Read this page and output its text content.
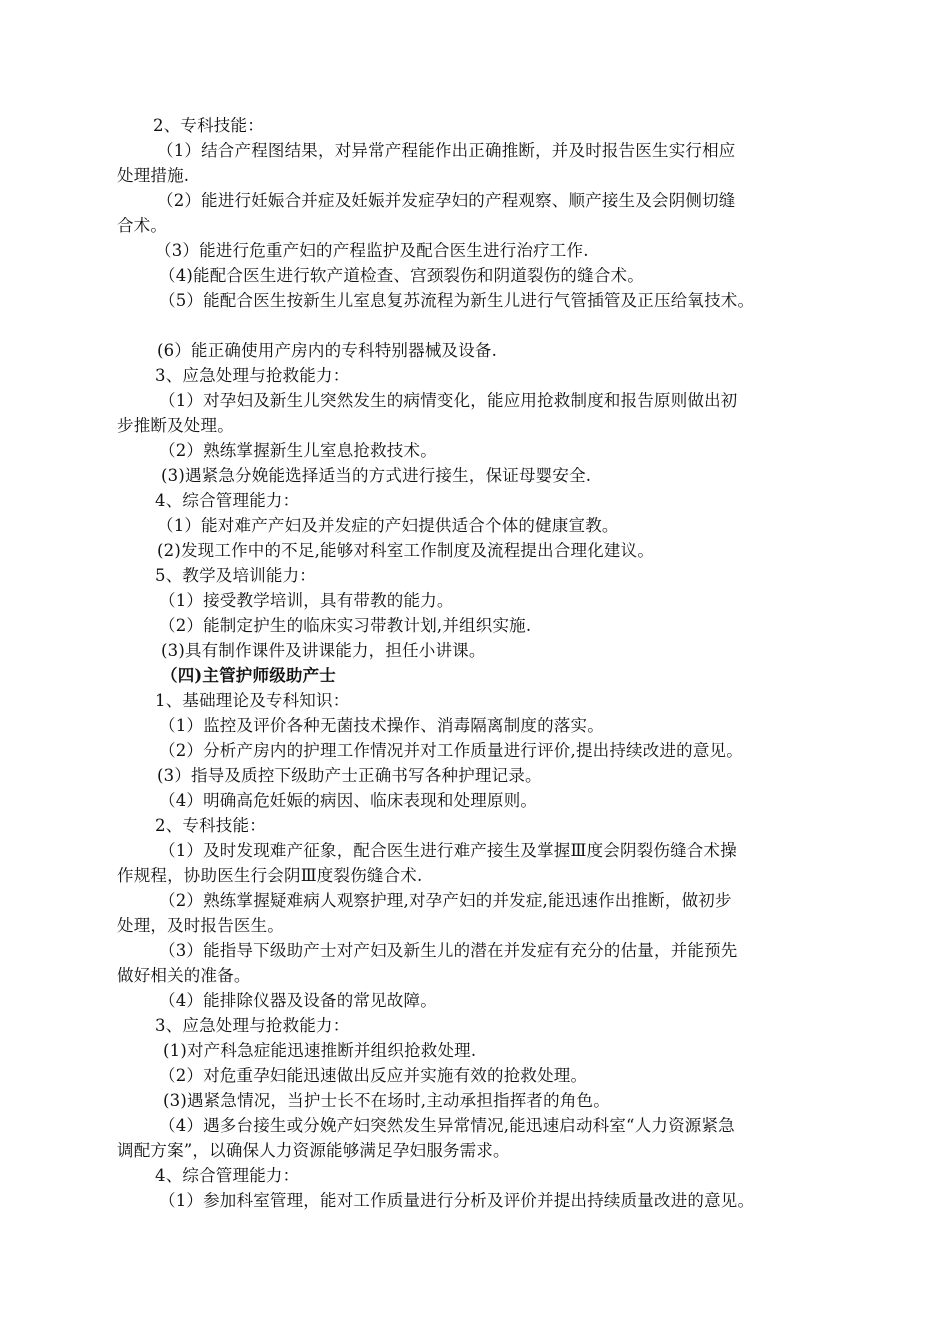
2、专科技能：
（1）结合产程图结果，对异常产程能作出正确推断，并及时报告医生实行相应
处理措施.
（2）能进行妊娠合并症及妊娠并发症孕妇的产程观察、顺产接生及会阴侧切缝
合术。
（3）能进行危重产妇的产程监护及配合医生进行治疗工作.
（4)能配合医生进行软产道检查、宫颈裂伤和阴道裂伤的缝合术。
（5）能配合医生按新生儿室息复苏流程为新生儿进行气管插管及正压给氧技术。
(6）能正确使用产房内的专科特别器械及设备.
3、应急处理与抢救能力：
（1）对孕妇及新生儿突然发生的病情变化，能应用抢救制度和报告原则做出初
步推断及处理。
（2）熟练掌握新生儿室息抢救技术。
(3)遇紧急分娩能选择适当的方式进行接生，保证母婴安全.
4、综合管理能力：
（1）能对难产产妇及并发症的产妇提供适合个体的健康宣教。
(2)发现工作中的不足,能够对科室工作制度及流程提出合理化建议。
5、教学及培训能力：
（1）接受教学培训，具有带教的能力。
（2）能制定护生的临床实习带教计划,并组织实施.
(3)具有制作课件及讲课能力，担任小讲课。
（四)主管护师级助产士
1、基础理论及专科知识：
（1）监控及评价各种无菌技术操作、消毒隔离制度的落实。
（2）分析产房内的护理工作情况并对工作质量进行评价,提出持续改进的意见。
(3）指导及质控下级助产士正确书写各种护理记录。
（4）明确高危妊娠的病因、临床表现和处理原则。
2、专科技能：
（1）及时发现难产征象，配合医生进行难产接生及掌握Ⅲ度会阴裂伤缝合术操
作规程，协助医生行会阴Ⅲ度裂伤缝合术.
（2）熟练掌握疑难病人观察护理,对孕产妇的并发症,能迅速作出推断，做初步
处理，及时报告医生。
（3）能指导下级助产士对产妇及新生儿的潜在并发症有充分的估量，并能预先
做好相关的准备。
（4）能排除仪器及设备的常见故障。
3、应急处理与抢救能力：
(1)对产科急症能迅速推断并组织抢救处理.
（2）对危重孕妇能迅速做出反应并实施有效的抢救处理。
(3)遇紧急情况，当护士长不在场时,主动承担指挥者的角色。
（4）遇多台接生或分娩产妇突然发生异常情况,能迅速启动科室“人力资源紧急
调配方案”，以确保人力资源能够满足孕妇服务需求。
4、综合管理能力：
（1）参加科室管理，能对工作质量进行分析及评价并提出持续质量改进的意见。
